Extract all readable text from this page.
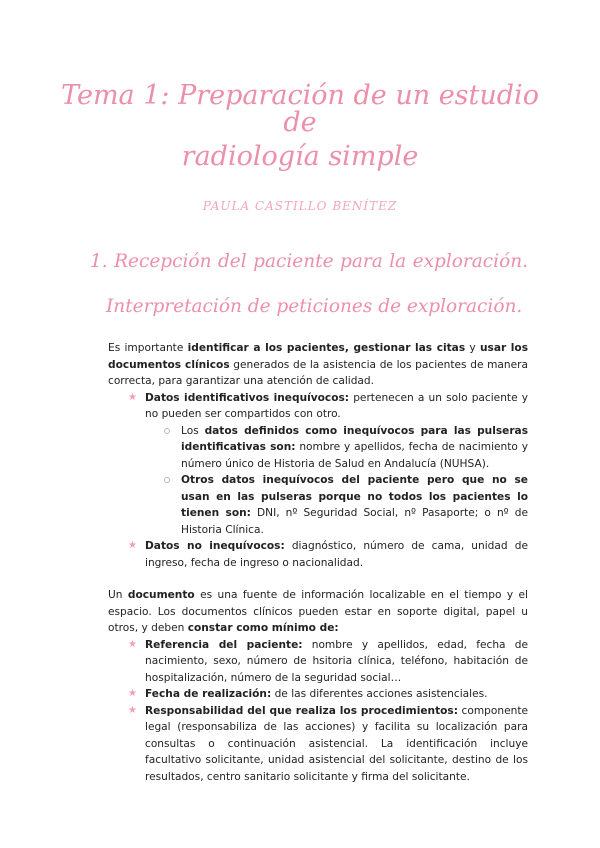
Tema 1: Preparación de un estudio de
radiología simple
PAULA CASTILLO BENÍTEZ
1. Recepción del paciente para la exploración.
Interpretación de peticiones de exploración.

Es importante identificar a los pacientes, gestionar las citas y usar los documentos clínicos generados de la asistencia de los pacientes de manera correcta, para garantizar una atención de calidad.

★ Datos identificativos inequívocos: pertenecen a un solo paciente y no pueden ser compartidos con otro.
Los datos definidos como inequívocos para las pulseras identificativas son: nombre y apellidos, fecha de nacimiento y número único de Historia de Salud en Andalucía (NUHSA).
Otros datos inequívocos del paciente pero que no se usan en las pulseras porque no todos los pacientes lo tienen son: DNI, nº Seguridad Social, nº Pasaporte; o nº de Historia Clínica.
★ Datos no inequívocos: diagnóstico, número de cama, unidad de ingreso, fecha de ingreso o nacionalidad.

Un documento es una fuente de información localizable en el tiempo y el espacio. Los documentos clínicos pueden estar en soporte digital, papel u otros, y deben constar como mínimo de:

★ Referencia del paciente: nombre y apellidos, edad, fecha de nacimiento, sexo, número de hsitoria clínica, teléfono, habitación de hospitalización, número de la seguridad social…
★ Fecha de realización: de las diferentes acciones asistenciales.
★ Responsabilidad del que realiza los procedimientos: componente legal (responsabiliza de las acciones) y facilita su localización para consultas o continuación asistencial. La identificación incluye facultativo solicitante, unidad asistencial del solicitante, destino de los resultados, centro sanitario solicitante y firma del solicitante.
